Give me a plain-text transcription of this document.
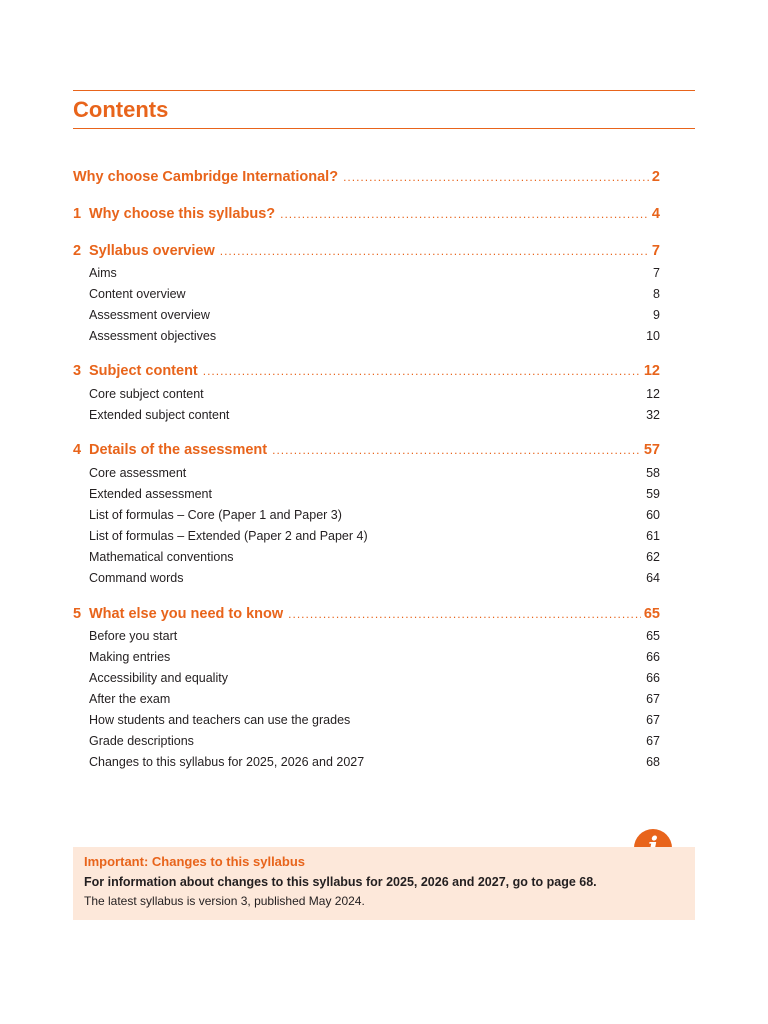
Contents
Why choose Cambridge International? .....	2
1 Why choose this syllabus? .....	4
2 Syllabus overview .....	7
Aims	7
Content overview	8
Assessment overview	9
Assessment objectives	10
3 Subject content .....	12
Core subject content	12
Extended subject content	32
4 Details of the assessment .....	57
Core assessment	58
Extended assessment	59
List of formulas – Core (Paper 1 and Paper 3)	60
List of formulas – Extended (Paper 2 and Paper 4)	61
Mathematical conventions	62
Command words	64
5 What else you need to know .....	65
Before you start	65
Making entries	66
Accessibility and equality	66
After the exam	67
How students and teachers can use the grades	67
Grade descriptions	67
Changes to this syllabus for 2025, 2026 and 2027	68
Important: Changes to this syllabus
For information about changes to this syllabus for 2025, 2026 and 2027, go to page 68.
The latest syllabus is version 3, published May 2024.
